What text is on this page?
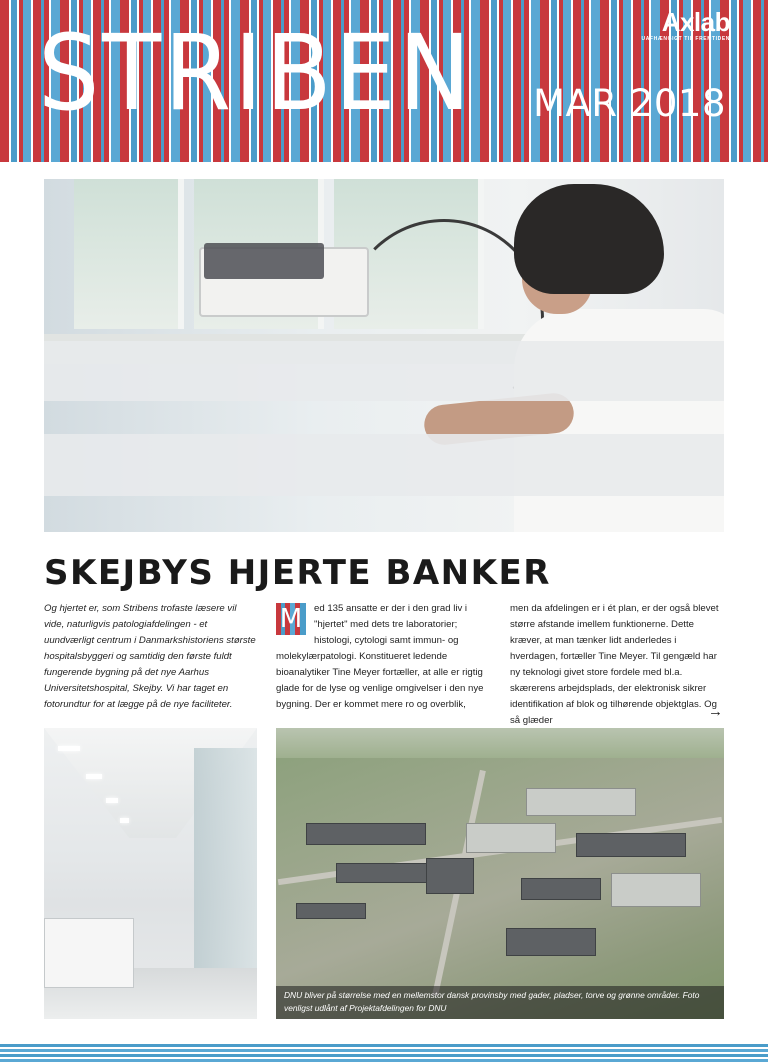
STRIBEN MAR 2018
Axlab
UAFHÆNGIGT TIL FREMTIDEN
SKEJBYS HJERTE BANKER
Og hjertet er, som Stribens trofaste læsere vil vide, naturligvis patologiafdelingen - et uundværligt centrum i Danmarkshistoriens største hospitalsbyggeri og samtidig den første fuldt fungerende bygning på det nye Aarhus Universitetshospital, Skejby. Vi har taget en fotorundtur for at lægge på de nye faciliteter.
M	ed 135 ansatte er der i den grad liv i "hjertet" med dets tre laboratorier; histologi, cytologi samt immun- og molekylærpatologi. Konstitueret ledende bioanalytiker Tine Meyer fortæller, at alle er rigtig glade for de lyse og venlige omgivelser i den nye bygning. Der er kommet mere ro og overblik,
men da afdelingen er i ét plan, er der også blevet større afstande imellem funktionerne. Dette kræver, at man tænker lidt anderledes i hverdagen, fortæller Tine Meyer. Til gengæld har ny teknologi givet store fordele med bl.a. skærerens arbejdsplads, der elektronisk sikrer identifikation af blok og tilhørende objektglas. Og så glæder
→
DNU bliver på størrelse med en mellemstor dansk provinsby med gader, pladser, torve og grønne områder. Foto venligst udlånt af Projektafdelingen for DNU
